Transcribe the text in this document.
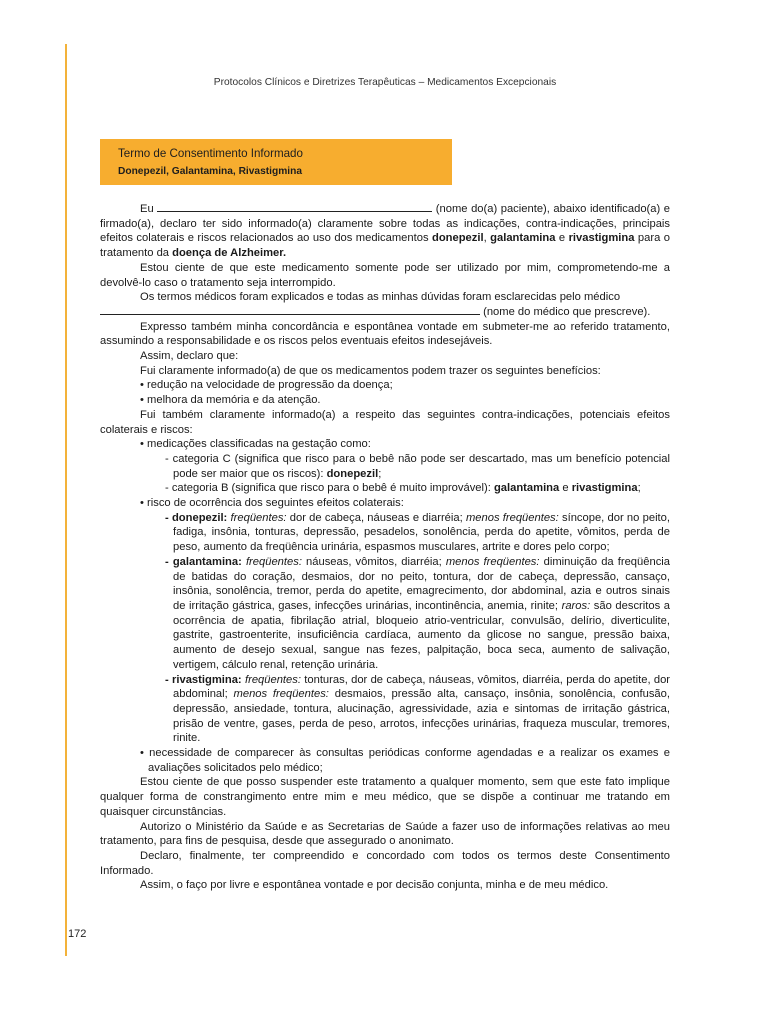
Protocolos Clínicos e Diretrizes Terapêuticas – Medicamentos Excepcionais
Termo de Consentimento Informado
Donepezil, Galantamina, Rivastigmina

Eu	(nome do(a) paciente), abaixo identificado(a) e firmado(a), declaro ter sido informado(a) claramente sobre todas as indicações, contra-indicações, principais efeitos colaterais e riscos relacionados ao uso dos medicamentos donepezil, galantamina e rivastigmina para o tratamento da doença de Alzheimer.

Estou ciente de que este medicamento somente pode ser utilizado por mim, comprometendo-me a devolvê-lo caso o tratamento seja interrompido.

Os termos médicos foram explicados e todas as minhas dúvidas foram esclarecidas pelo médico
(nome do médico que prescreve).

Expresso também minha concordância e espontânea vontade em submeter-me ao referido tratamento, assumindo a responsabilidade e os riscos pelos eventuais efeitos indesejáveis.

Assim, declaro que:

Fui claramente informado(a) de que os medicamentos podem trazer os seguintes benefícios:

• redução na velocidade de progressão da doença;

• melhora da memória e da atenção.

Fui também claramente informado(a) a respeito das seguintes contra-indicações, potenciais efeitos colaterais e riscos:

• medicações classificadas na gestação como:

- categoria C (significa que risco para o bebê não pode ser descartado, mas um benefício potencial pode ser maior que os riscos): donepezil;

- categoria B (significa que risco para o bebê é muito improvável): galantamina e rivastigmina;

• risco de ocorrência dos seguintes efeitos colaterais:

- donepezil: freqüentes: dor de cabeça, náuseas e diarréia; menos freqüentes: síncope, dor no peito, fadiga, insônia, tonturas, depressão, pesadelos, sonolência, perda do apetite, vômitos, perda de peso, aumento da freqüência urinária, espasmos musculares, artrite e dores pelo corpo;

- galantamina: freqüentes: náuseas, vômitos, diarréia; menos freqüentes: diminuição da freqüência de batidas do coração, desmaios, dor no peito, tontura, dor de cabeça, depressão, cansaço, insônia, sonolência, tremor, perda do apetite, emagrecimento, dor abdominal, azia e outros sinais de irritação gástrica, gases, infecções urinárias, incontinência, anemia, rinite; raros: são descritos a ocorrência de apatia, fibrilação atrial, bloqueio atrio-ventricular, convulsão, delírio, diverticulite, gastrite, gastroenterite, insuficiência cardíaca, aumento da glicose no sangue, pressão baixa, aumento de desejo sexual, sangue nas fezes, palpitação, boca seca, aumento de salivação, vertigem, cálculo renal, retenção urinária.

- rivastigmina: freqüentes: tonturas, dor de cabeça, náuseas, vômitos, diarréia, perda do apetite, dor abdominal; menos freqüentes: desmaios, pressão alta, cansaço, insônia, sonolência, confusão, depressão, ansiedade, tontura, alucinação, agressividade, azia e sintomas de irritação gástrica, prisão de ventre, gases, perda de peso, arrotos, infecções urinárias, fraqueza muscular, tremores, rinite.

• necessidade de comparecer às consultas periódicas conforme agendadas e a realizar os exames e avaliações solicitados pelo médico;

Estou ciente de que posso suspender este tratamento a qualquer momento, sem que este fato implique qualquer forma de constrangimento entre mim e meu médico, que se dispõe a continuar me tratando em quaisquer circunstâncias.

Autorizo o Ministério da Saúde e as Secretarias de Saúde a fazer uso de informações relativas ao meu tratamento, para fins de pesquisa, desde que assegurado o anonimato.

Declaro, finalmente, ter compreendido e concordado com todos os termos deste Consentimento Informado.

Assim, o faço por livre e espontânea vontade e por decisão conjunta, minha e de meu médico.

172
